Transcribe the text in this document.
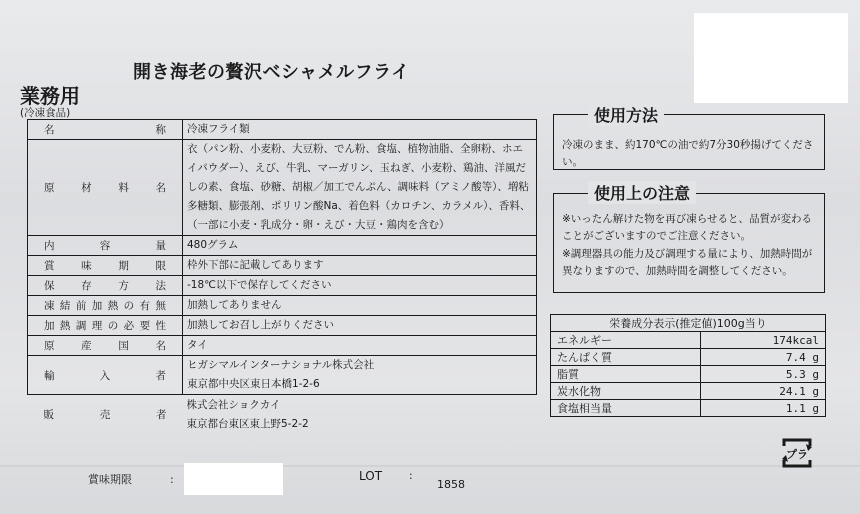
開き海老の贅沢ベシャメルフライ
業務用
(冷凍食品)
名　　　称	冷凍フライ類
原材料名	衣（パン粉、小麦粉、大豆粉、でん粉、食塩、植物油脂、全卵粉、ホエイパウダー）、えび、牛乳、マーガリン、玉ねぎ、小麦粉、鶏油、洋風だしの素、食塩、砂糖、胡椒／加工でんぷん、調味料（アミノ酸等）、増粘多糖類、膨張剤、ポリリン酸Na、着色料（カロチン、カラメル）、香料、（一部に小麦・乳成分・卵・えび・大豆・鶏肉を含む）
内容量	480グラム
賞味期限	枠外下部に記載してあります
保存方法	-18℃以下で保存してください
凍結前加熱の有無	加熱してありません
加熱調理の必要性	加熱してお召し上がりください
原産国名	タイ
輸入者	ヒガシマルインターナショナル株式会社
東京都中央区東日本橋1-2-6

販売者	株式会社ショクカイ
東京都台東区東上野5-2-2
使用方法
冷凍のまま、約170℃の油で約7分30秒揚げてください。
使用上の注意
※いったん解けた物を再び凍らせると、品質が変わることがございますのでご注意ください。
※調理器具の能力及び調理する量により、加熱時間が異なりますので、加熱時間を調整してください。
栄養成分表示(推定値)100g当り	
エネルギー	174kcal
たんぱく質	7.4 g
脂質	5.3 g
炭水化物	24.1 g
食塩相当量	1.1 g
プラ
賞味期限	:	LOT :
1858
